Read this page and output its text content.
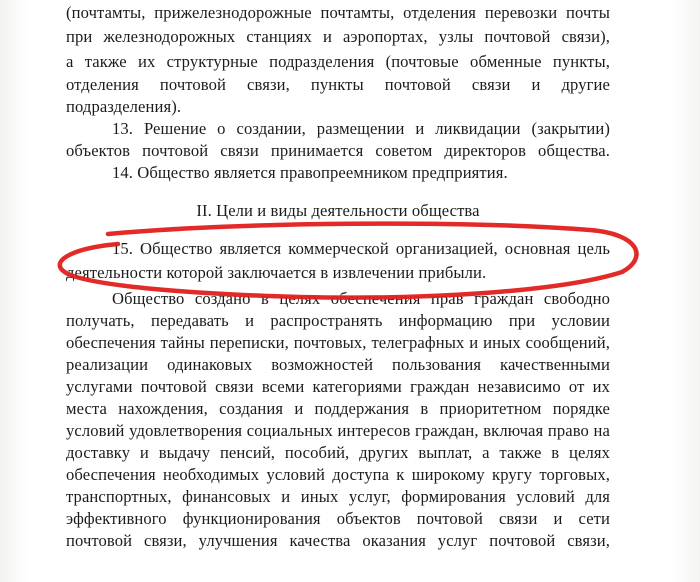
(почтамты, прижелезнодорожные почтамты, отделения перевозки почты
при железнодорожных станциях и аэропортах, узлы почтовой связи),
а также их структурные подразделения (почтовые обменные пункты,
отделения почтовой связи, пункты почтовой связи и другие
подразделения).
13. Решение о создании, размещении и ликвидации (закрытии)
объектов почтовой связи принимается советом директоров общества.
14. Общество является правопреемником предприятия.
II. Цели и виды деятельности общества
15. Общество является коммерческой организацией, основная цель
деятельности которой заключается в извлечении прибыли.
Общество создано в целях обеспечения прав граждан свободно
получать, передавать и распространять информацию при условии
обеспечения тайны переписки, почтовых, телеграфных и иных сообщений,
реализации одинаковых возможностей пользования качественными
услугами почтовой связи всеми категориями граждан независимо от их
места нахождения, создания и поддержания в приоритетном порядке
условий удовлетворения социальных интересов граждан, включая право на
доставку и выдачу пенсий, пособий, других выплат, а также в целях
обеспечения необходимых условий доступа к широкому кругу торговых,
транспортных, финансовых и иных услуг, формирования условий для
эффективного функционирования объектов почтовой связи и сети
почтовой связи, улучшения качества оказания услуг почтовой связи,
